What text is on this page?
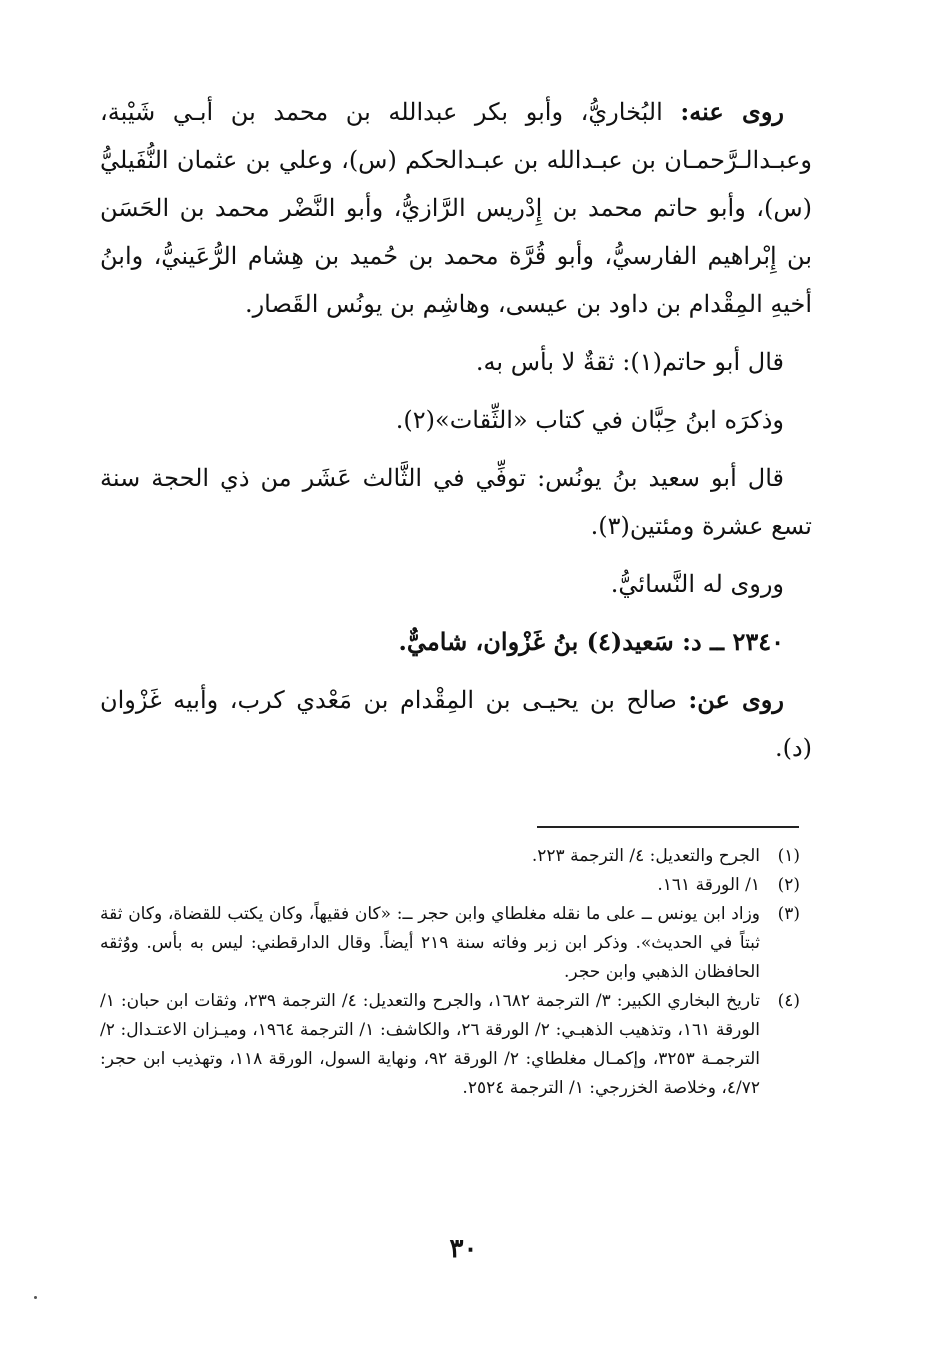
روى عنه: البُخاريُّ، وأبو بكر عبدالله بن محمد بن أبـي شَيْبة، وعبـدالـرَّحمـان بن عبـدالله بن عبـدالحكم (س)، وعلي بن عثمان النُّفَيليُّ (س)، وأبو حاتم محمد بن إِدْريس الرَّازيُّ، وأبو النَّضْر محمد بن الحَسَن بن إِبْراهيم الفارسيُّ، وأبو قُرَّة محمد بن حُميد بن هِشام الرُّعَينيُّ، وابنُ أخيهِ المِقْدام بن داود بن عيسى، وهاشِم بن يونُس القَصار.

قال أبو حاتم(١): ثقةٌ لا بأس به.

وذكرَه ابنُ حِبَّان في كتاب «الثِّقات»(٢).

قال أبو سعيد بنُ يونُس: توفِّي في الثَّالث عَشَر من ذي الحجة سنة تسع عشرة ومئتين(٣).

وروى له النَّسائيُّ.

٢٣٤٠ ــ د: سَعيد(٤) بنُ غَزْوان، شاميٌّ.

روى عن: صالح بن يحيـى بن المِقْدام بن مَعْدي كرب، وأبيه غَزْوان (د).

(١)
الجرح والتعديل: ٤/ الترجمة ٢٢٣.
(٢)
١/ الورقة ١٦١.
(٣)
وزاد ابن يونس ــ على ما نقله مغلطاي وابن حجر ــ: «كان فقيهاً، وكان يكتب للقضاة، وكان ثقة ثبتاً في الحديث». وذكر ابن زبر وفاته سنة ٢١٩ أيضاً. وقال الدارقطني: ليس به بأس. ووُثقه الحافظان الذهبي وابن حجر.
(٤)
تاريخ البخاري الكبير: ٣/ الترجمة ١٦٨٢، والجرح والتعديل: ٤/ الترجمة ٢٣٩، وثقات ابن حبان: ١/ الورقة ١٦١، وتذهيب الذهبـي: ٢/ الورقة ٢٦، والكاشف: ١/ الترجمة ١٩٦٤، وميـزان الاعتـدال: ٢/ الترجمـة ٣٢٥٣، وإكمـال مغلطاي: ٢/ الورقة ٩٢، ونهاية السول، الورقة ١١٨، وتهذيب ابن حجر: ٤/٧٢، وخلاصة الخزرجي: ١/ الترجمة ٢٥٢٤.
٣٠
